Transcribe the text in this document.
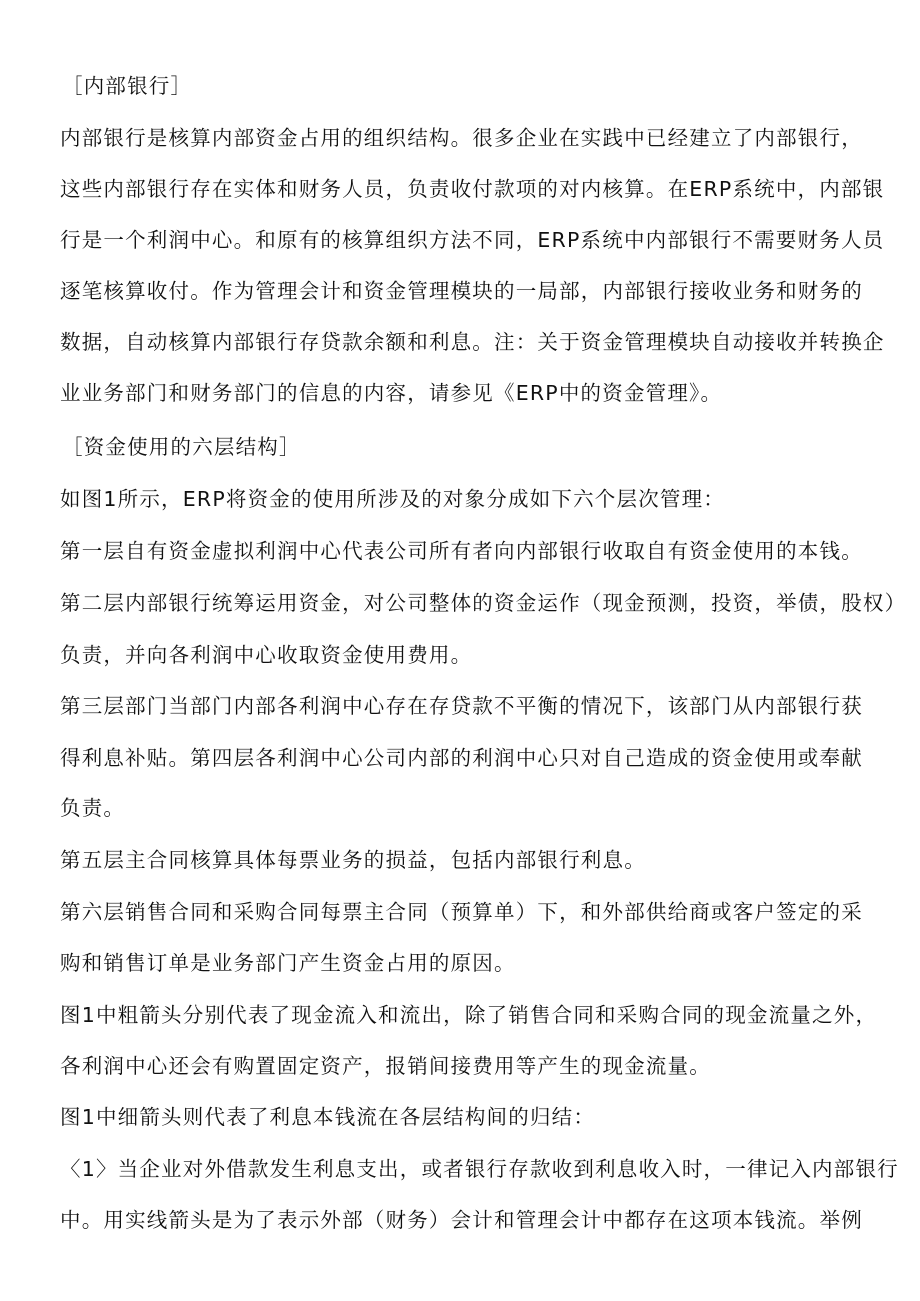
［内部银行］
内部银行是核算内部资金占用的组织结构。很多企业在实践中已经建立了内部银行，
这些内部银行存在实体和财务人员，负责收付款项的对内核算。在ERP系统中，内部银
行是一个利润中心。和原有的核算组织方法不同，ERP系统中内部银行不需要财务人员
逐笔核算收付。作为管理会计和资金管理模块的一局部，内部银行接收业务和财务的
数据，自动核算内部银行存贷款余额和利息。注：关于资金管理模块自动接收并转换企
业业务部门和财务部门的信息的内容，请参见《ERP中的资金管理》。
［资金使用的六层结构］
如图1所示，ERP将资金的使用所涉及的对象分成如下六个层次管理：
第一层自有资金虚拟利润中心代表公司所有者向内部银行收取自有资金使用的本钱。
第二层内部银行统筹运用资金，对公司整体的资金运作（现金预测，投资，举债，股权）
负责，并向各利润中心收取资金使用费用。
第三层部门当部门内部各利润中心存在存贷款不平衡的情况下，该部门从内部银行获
得利息补贴。第四层各利润中心公司内部的利润中心只对自己造成的资金使用或奉献
负责。
第五层主合同核算具体每票业务的损益，包括内部银行利息。
第六层销售合同和采购合同每票主合同（预算单）下，和外部供给商或客户签定的采
购和销售订单是业务部门产生资金占用的原因。
图1中粗箭头分别代表了现金流入和流出，除了销售合同和采购合同的现金流量之外，
各利润中心还会有购置固定资产，报销间接费用等产生的现金流量。
图1中细箭头则代表了利息本钱流在各层结构间的归结：
〈1〉当企业对外借款发生利息支出，或者银行存款收到利息收入时，一律记入内部银行
中。用实线箭头是为了表示外部（财务）会计和管理会计中都存在这项本钱流。举例
